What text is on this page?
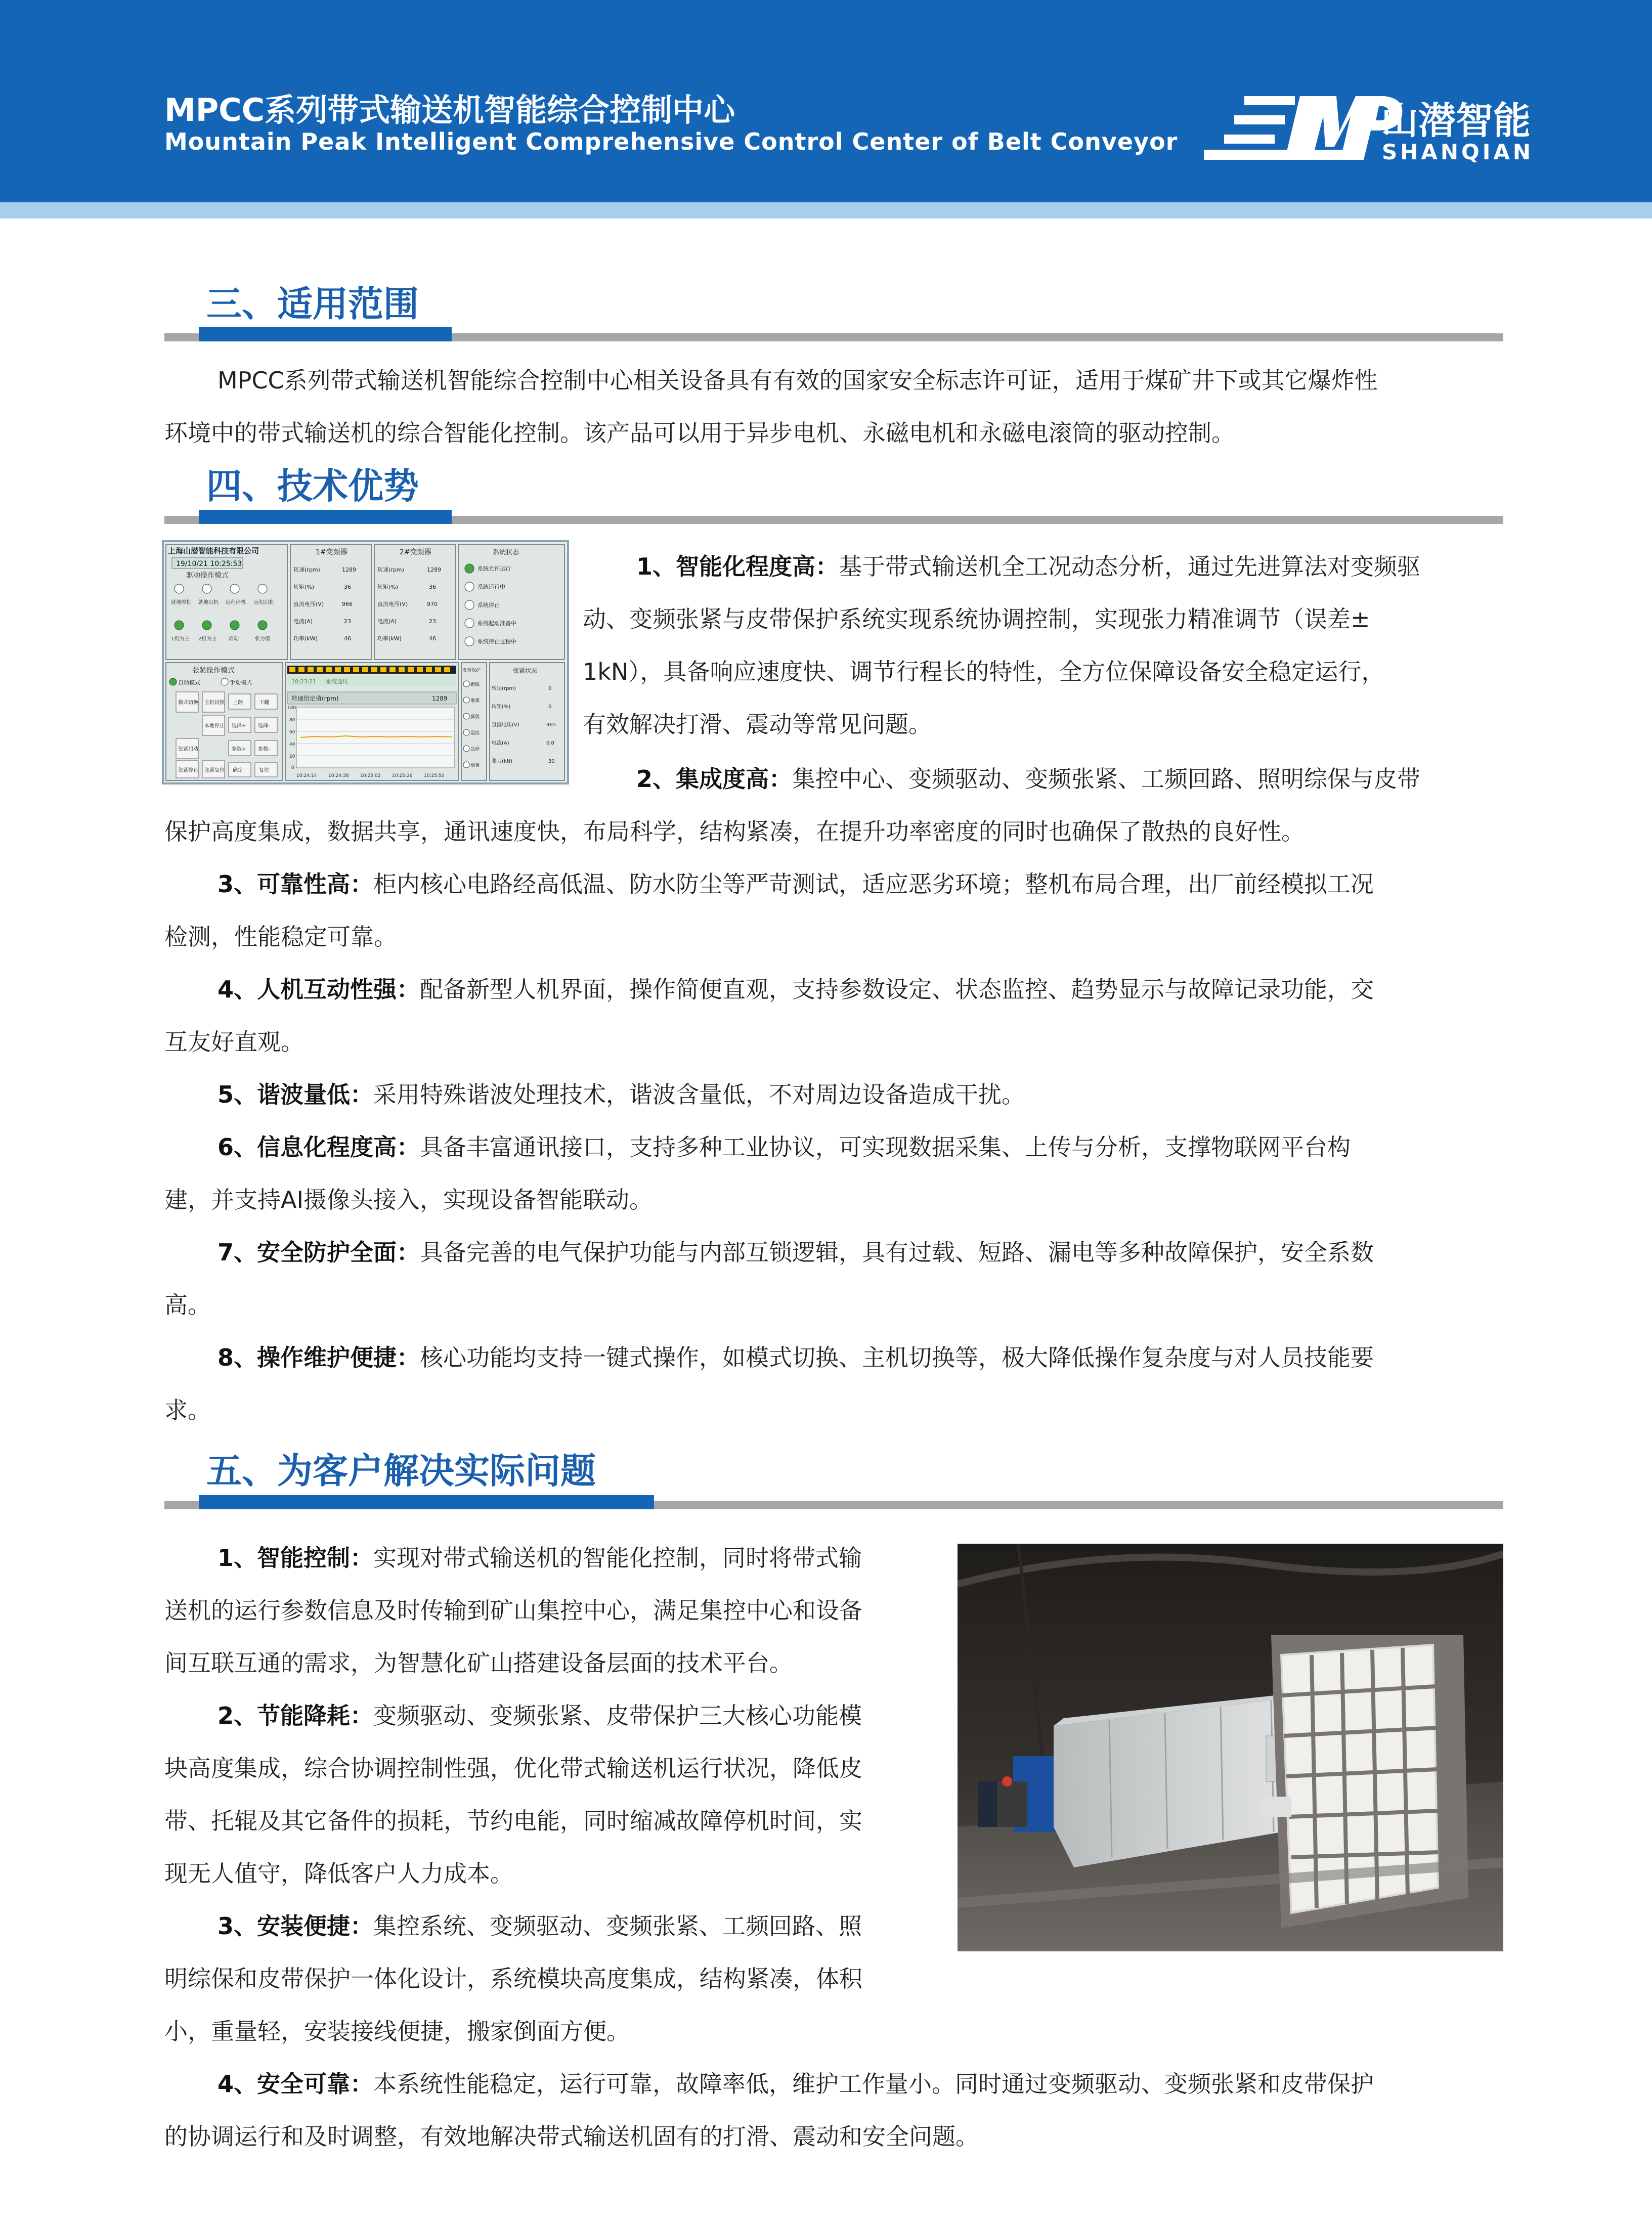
MPCC系列带式输送机智能综合控制中心
Mountain Peak Intelligent Comprehensive Control Center of Belt Conveyor	山潜智能
SHANQIAN
三、适用范围

MPCC系列带式输送机智能综合控制中心相关设备具有有效的国家安全标志许可证，适用于煤矿井下或其它爆炸性

环境中的带式输送机的综合智能化控制。该产品可以用于异步电机、永磁电机和永磁电滚筒的驱动控制。

四、技术优势
上海山潜智能科技有限公司
19/10/21 10:25:53
驱动操作模式
就地停机 就地启机 远程停机 远程启机
1机为主 2机为主 启动	张力值
1#变频器
转速(rpm)	1289
转矩(%)	36
直流电压(V)	966
电流(A)	23
功率(kW)	46
2#变频器
转速(rpm)	1289
转矩(%)	36
直流电压(V)	970
电流(A)	23
功率(kW)	46
系统状态
系统允许运行
系统运行中
系统停止
系统起动准备中
系统停止过程中
张紧操作模式
自动模式	手动模式
模式切换 主机切换 上翻	下翻
本地停止 选择+ 选择-
张紧启动	参数+ 参数-
张紧停止 张紧复位 确定	复位
10:23:21 系统通讯
转速给定值(rpm)	1289
100
80
60
40
20
0
10:24:14	10:24:38	10:25:02	10:25:26	10:25:50
皮带保护
跑偏
堆煤
撕裂
温度
急停
烟雾
张紧状态
转速(rpm)	0
转矩(%)	0
直流电压(V)	965
电流(A)	0.0
张力(kN)	30

1、智能化程度高：基于带式输送机全工况动态分析，通过先进算法对变频驱

动、变频张紧与皮带保护系统实现系统协调控制，实现张力精准调节（误差±

1kN），具备响应速度快、调节行程长的特性，全方位保障设备安全稳定运行，

有效解决打滑、震动等常见问题。

2、集成度高：集控中心、变频驱动、变频张紧、工频回路、照明综保与皮带

保护高度集成，数据共享，通讯速度快，布局科学，结构紧凑，在提升功率密度的同时也确保了散热的良好性。

3、可靠性高：柜内核心电路经高低温、防水防尘等严苛测试，适应恶劣环境；整机布局合理，出厂前经模拟工况

检测，性能稳定可靠。

4、人机互动性强：配备新型人机界面，操作简便直观，支持参数设定、状态监控、趋势显示与故障记录功能，交

互友好直观。

5、谐波量低：采用特殊谐波处理技术，谐波含量低，不对周边设备造成干扰。

6、信息化程度高：具备丰富通讯接口，支持多种工业协议，可实现数据采集、上传与分析，支撑物联网平台构

建，并支持AI摄像头接入，实现设备智能联动。

7、安全防护全面：具备完善的电气保护功能与内部互锁逻辑，具有过载、短路、漏电等多种故障保护，安全系数

高。

8、操作维护便捷：核心功能均支持一键式操作，如模式切换、主机切换等，极大降低操作复杂度与对人员技能要

求。

五、为客户解决实际问题

1、智能控制：实现对带式输送机的智能化控制，同时将带式输

送机的运行参数信息及时传输到矿山集控中心，满足集控中心和设备

间互联互通的需求，为智慧化矿山搭建设备层面的技术平台。

2、节能降耗：变频驱动、变频张紧、皮带保护三大核心功能模

块高度集成，综合协调控制性强，优化带式输送机运行状况，降低皮

带、托辊及其它备件的损耗，节约电能，同时缩减故障停机时间，实

现无人值守，降低客户人力成本。

3、安装便捷：集控系统、变频驱动、变频张紧、工频回路、照

明综保和皮带保护一体化设计，系统模块高度集成，结构紧凑，体积

小，重量轻，安装接线便捷，搬家倒面方便。

4、安全可靠：本系统性能稳定，运行可靠，故障率低，维护工作量小。同时通过变频驱动、变频张紧和皮带保护

的协调运行和及时调整，有效地解决带式输送机固有的打滑、震动和安全问题。
